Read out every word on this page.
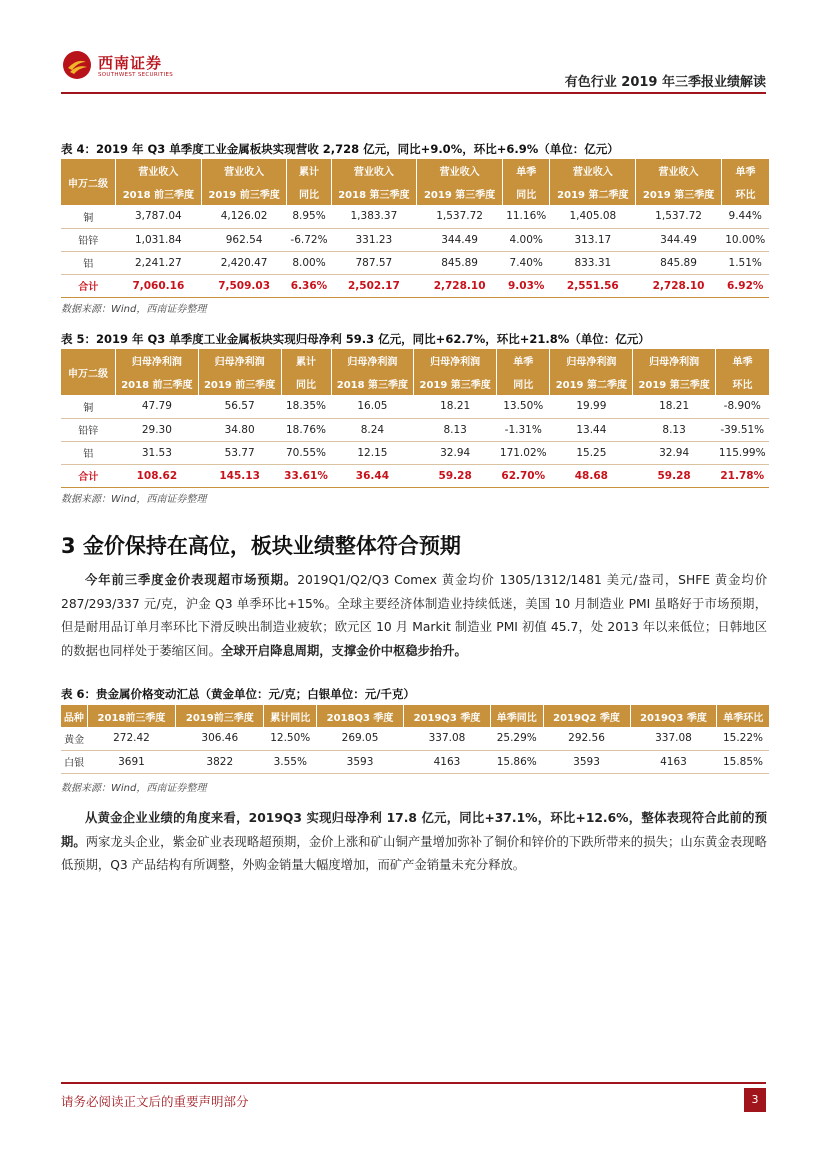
西南证券
SOUTHWEST SECURITIES	有色行业 2019 年三季报业绩解读
表 4：2019 年 Q3 单季度工业金属板块实现营收 2,728 亿元，同比+9.0%，环比+6.9%（单位：亿元）
申万二级	营业收入	营业收入	累计	营业收入	营业收入	单季	营业收入	营业收入	单季
	2018 前三季度	2019 前三季度	同比	2018 第三季度	2019 第三季度	同比	2019 第二季度	2019 第三季度	环比
铜	3,787.04	4,126.02	8.95%	1,383.37	1,537.72	11.16%	1,405.08	1,537.72	9.44%
铅锌	1,031.84	962.54	-6.72%	331.23	344.49	4.00%	313.17	344.49	10.00%
铝	2,241.27	2,420.47	8.00%	787.57	845.89	7.40%	833.31	845.89	1.51%
合计	7,060.16	7,509.03	6.36%	2,502.17	2,728.10	9.03%	2,551.56	2,728.10	6.92%
数据来源：Wind，西南证券整理
表 5：2019 年 Q3 单季度工业金属板块实现归母净利 59.3 亿元，同比+62.7%，环比+21.8%（单位：亿元）
申万二级	归母净利润	归母净利润	累计	归母净利润	归母净利润	单季	归母净利润	归母净利润	单季
	2018 前三季度	2019 前三季度	同比	2018 第三季度	2019 第三季度	同比	2019 第二季度	2019 第三季度	环比
铜	47.79	56.57	18.35%	16.05	18.21	13.50%	19.99	18.21	-8.90%
铅锌	29.30	34.80	18.76%	8.24	8.13	-1.31%	13.44	8.13	-39.51%
铝	31.53	53.77	70.55%	12.15	32.94	171.02%	15.25	32.94	115.99%
合计	108.62	145.13	33.61%	36.44	59.28	62.70%	48.68	59.28	21.78%
数据来源：Wind，西南证券整理
3 金价保持在高位，板块业绩整体符合预期
今年前三季度金价表现超市场预期。2019Q1/Q2/Q3 Comex 黄金均价 1305/1312/1481 美元/盎司，SHFE 黄金均价 287/293/337 元/克，沪金 Q3 单季环比+15%。全球主要经济体制造业持续低迷，美国 10 月制造业 PMI 虽略好于市场预期，但是耐用品订单月率环比下滑反映出制造业疲软；欧元区 10 月 Markit 制造业 PMI 初值 45.7，处 2013 年以来低位；日韩地区的数据也同样处于萎缩区间。全球开启降息周期，支撑金价中枢稳步抬升。
表 6：贵金属价格变动汇总（黄金单位：元/克；白银单位：元/千克）
品种	2018前三季度	2019前三季度	累计同比	2018Q3 季度	2019Q3 季度	单季同比	2019Q2 季度	2019Q3 季度	单季环比
黄金	272.42	306.46	12.50%	269.05	337.08	25.29%	292.56	337.08	15.22%
白银	3691	3822	3.55%	3593	4163	15.86%	3593	4163	15.85%
数据来源：Wind，西南证券整理
从黄金企业业绩的角度来看，2019Q3 实现归母净利 17.8 亿元，同比+37.1%，环比+12.6%，整体表现符合此前的预期。两家龙头企业，紫金矿业表现略超预期，金价上涨和矿山铜产量增加弥补了铜价和锌价的下跌所带来的损失；山东黄金表现略低预期，Q3 产品结构有所调整，外购金销量大幅度增加，而矿产金销量未充分释放。
请务必阅读正文后的重要声明部分	3
